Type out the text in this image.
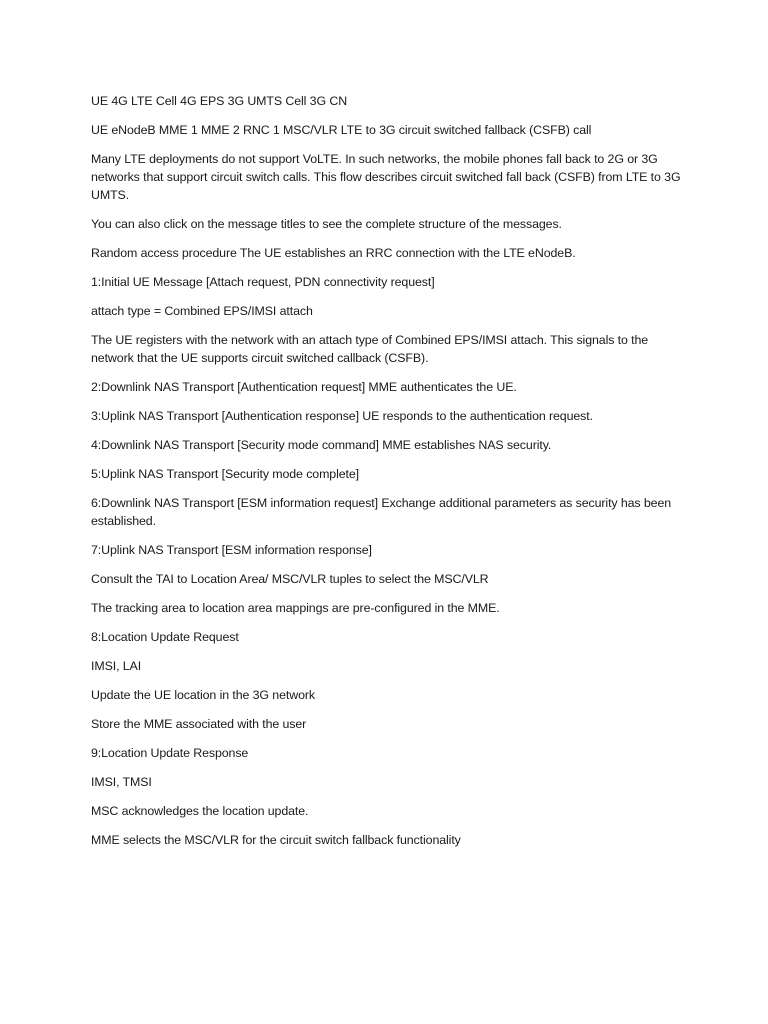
UE 4G LTE Cell 4G EPS 3G UMTS Cell 3G CN

UE eNodeB MME 1 MME 2 RNC 1 MSC/VLR LTE to 3G circuit switched fallback (CSFB) call

Many LTE deployments do not support VoLTE. In such networks, the mobile phones fall back to 2G or 3G networks that support circuit switch calls. This flow describes circuit switched fall back (CSFB) from LTE to 3G UMTS.

You can also click on the message titles to see the complete structure of the messages.

Random access procedure The UE establishes an RRC connection with the LTE eNodeB.

1:Initial UE Message [Attach request, PDN connectivity request]

attach type = Combined EPS/IMSI attach

The UE registers with the network with an attach type of Combined EPS/IMSI attach. This signals to the network that the UE supports circuit switched callback (CSFB).

2:Downlink NAS Transport [Authentication request] MME authenticates the UE.

3:Uplink NAS Transport [Authentication response] UE responds to the authentication request.

4:Downlink NAS Transport [Security mode command] MME establishes NAS security.

5:Uplink NAS Transport [Security mode complete]

6:Downlink NAS Transport [ESM information request] Exchange additional parameters as security has been established.

7:Uplink NAS Transport [ESM information response]

Consult the TAI to Location Area/ MSC/VLR tuples to select the MSC/VLR

The tracking area to location area mappings are pre-configured in the MME.

8:Location Update Request

IMSI, LAI

Update the UE location in the 3G network

Store the MME associated with the user

9:Location Update Response

IMSI, TMSI

MSC acknowledges the location update.

MME selects the MSC/VLR for the circuit switch fallback functionality
